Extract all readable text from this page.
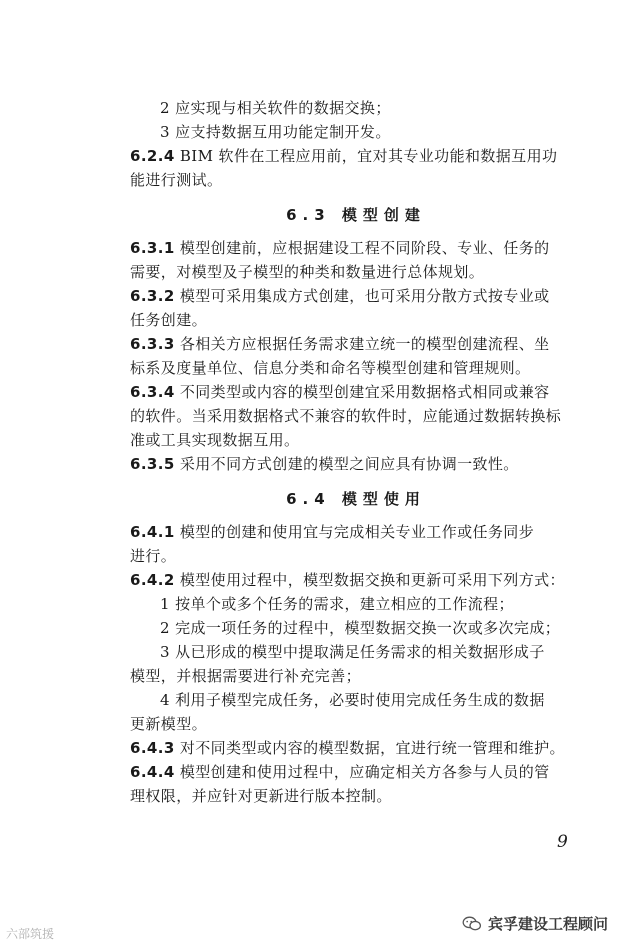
2 应实现与相关软件的数据交换；
3 应支持数据互用功能定制开发。
6.2.4 BIM 软件在工程应用前，宜对其专业功能和数据互用功
能进行测试。
6.3 模型创建
6.3.1 模型创建前，应根据建设工程不同阶段、专业、任务的
需要，对模型及子模型的种类和数量进行总体规划。
6.3.2 模型可采用集成方式创建，也可采用分散方式按专业或
任务创建。
6.3.3 各相关方应根据任务需求建立统一的模型创建流程、坐
标系及度量单位、信息分类和命名等模型创建和管理规则。
6.3.4 不同类型或内容的模型创建宜采用数据格式相同或兼容
的软件。当采用数据格式不兼容的软件时，应能通过数据转换标
准或工具实现数据互用。
6.3.5 采用不同方式创建的模型之间应具有协调一致性。
6.4 模型使用
6.4.1 模型的创建和使用宜与完成相关专业工作或任务同步
进行。
6.4.2 模型使用过程中，模型数据交换和更新可采用下列方式：
1 按单个或多个任务的需求，建立相应的工作流程；
2 完成一项任务的过程中，模型数据交换一次或多次完成；
3 从已形成的模型中提取满足任务需求的相关数据形成子
模型，并根据需要进行补充完善；
4 利用子模型完成任务，必要时使用完成任务生成的数据
更新模型。
6.4.3 对不同类型或内容的模型数据，宜进行统一管理和维护。
6.4.4 模型创建和使用过程中，应确定相关方各参与人员的管
理权限，并应针对更新进行版本控制。
9
六部筑援
宾孚建设工程顾问
